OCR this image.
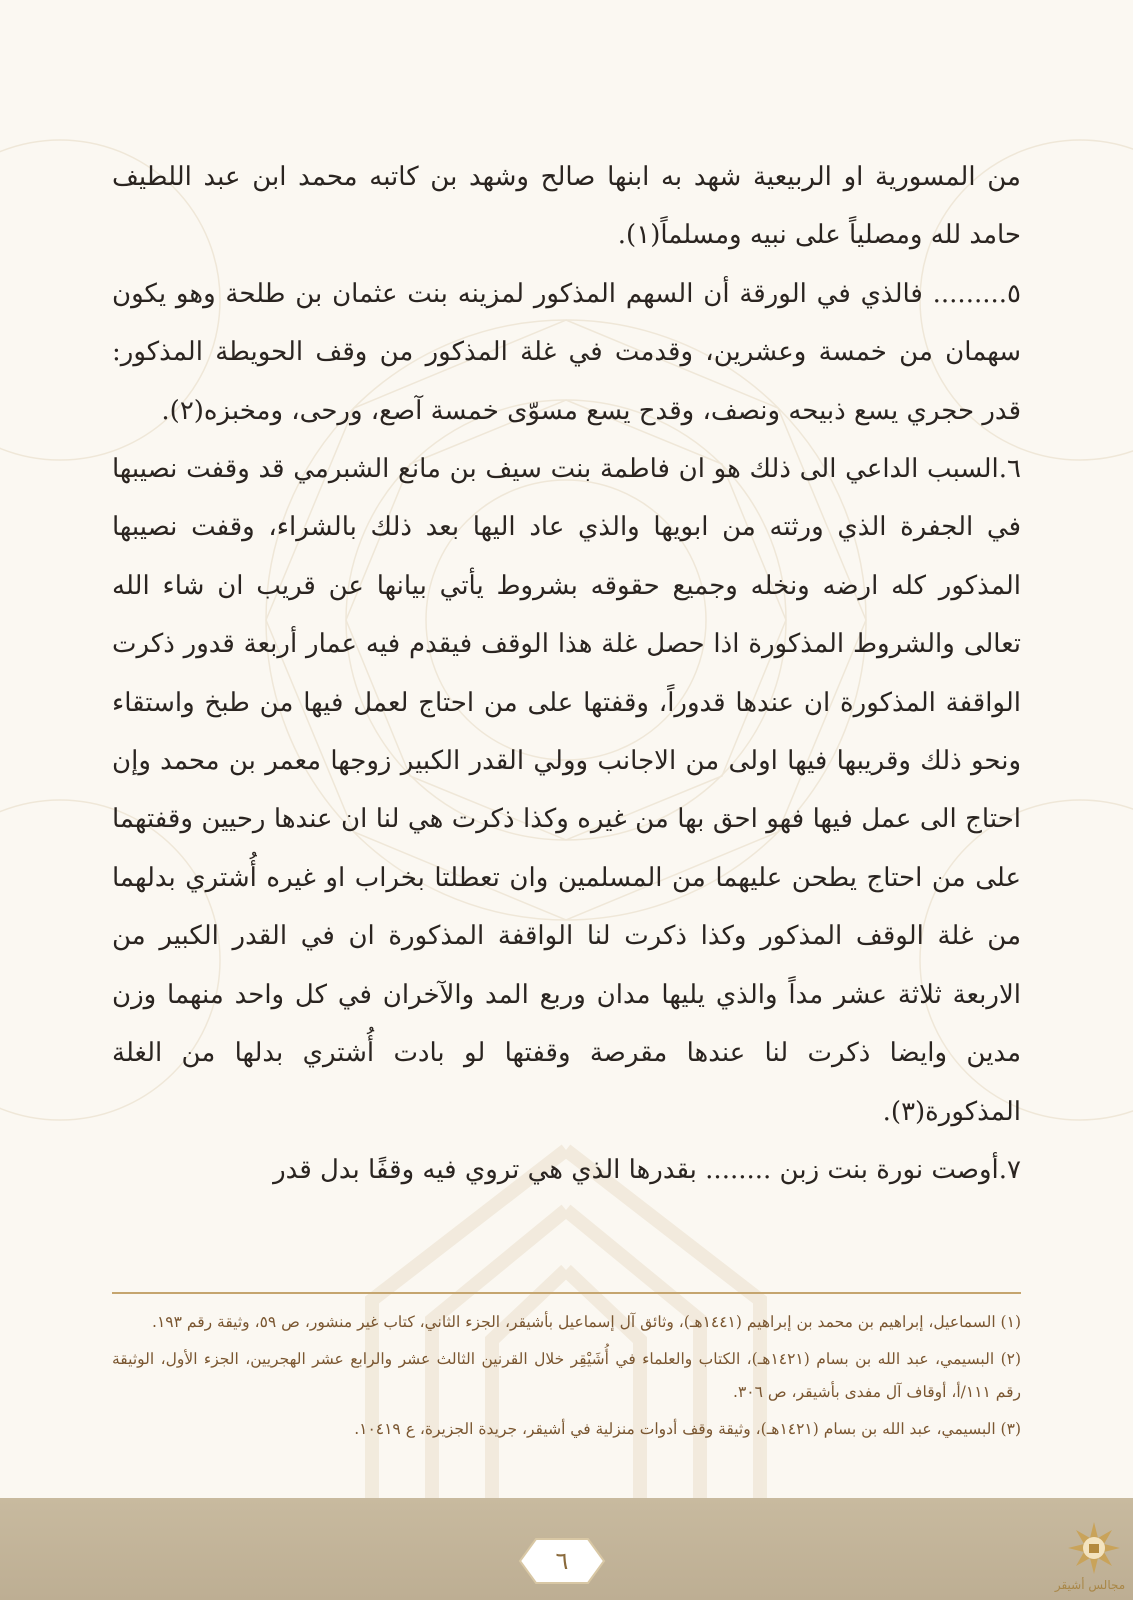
من المسورية او الربيعية شهد به ابنها صالح وشهد بن كاتبه محمد ابن عبد اللطيف حامد لله ومصلياً على نبيه ومسلماً(١).

٥......... فالذي في الورقة أن السهم المذكور لمزينه بنت عثمان بن طلحة وهو يكون سهمان من خمسة وعشرين، وقدمت في غلة المذكور من وقف الحويطة المذكور: قدر حجري يسع ذبيحه ونصف، وقدح يسع مسوّى خمسة آصع، ورحى، ومخبزه(٢).

٦.السبب الداعي الى ذلك هو ان فاطمة بنت سيف بن مانع الشبرمي قد وقفت نصيبها في الجفرة الذي ورثته من ابويها والذي عاد اليها بعد ذلك بالشراء، وقفت نصيبها المذكور كله ارضه ونخله وجميع حقوقه بشروط يأتي بيانها عن قريب ان شاء الله تعالى والشروط المذكورة اذا حصل غلة هذا الوقف فيقدم فيه عمار أربعة قدور ذكرت الواقفة المذكورة ان عندها قدوراً، وقفتها على من احتاج لعمل فيها من طبخ واستقاء ونحو ذلك وقريبها فيها اولى من الاجانب وولي القدر الكبير زوجها معمر بن محمد وإن احتاج الى عمل فيها فهو احق بها من غيره وكذا ذكرت هي لنا ان عندها رحيين وقفتهما على من احتاج يطحن عليهما من المسلمين وان تعطلتا بخراب او غيره أُشتري بدلهما من غلة الوقف المذكور وكذا ذكرت لنا الواقفة المذكورة ان في القدر الكبير من الاربعة ثلاثة عشر مداً والذي يليها مدان وربع المد والآخران في كل واحد منهما وزن مدين وايضا ذكرت لنا عندها مقرصة وقفتها لو بادت أُشتري بدلها من الغلة المذكورة(٣).

٧.أوصت نورة بنت زبن ........ بقدرها الذي هي تروي فيه وقفًا بدل قدر

(١) السماعيل، إبراهيم بن محمد بن إبراهيم (١٤٤١هـ)، وثائق آل إسماعيل بأشيقر، الجزء الثاني، كتاب غير منشور، ص ٥٩، وثيقة رقم ١٩٣.

(٢) البسيمي، عبد الله بن بسام (١٤٢١هـ)، الكتاب والعلماء في أُشَيْقِر خلال القرنين الثالث عشر والرابع عشر الهجريين، الجزء الأول، الوثيقة رقم ١١١/أ، أوقاف آل مفدى بأشيقر، ص ٣٠٦.

(٣) البسيمي، عبد الله بن بسام (١٤٢١هـ)، وثيقة وقف أدوات منزلية في أشيقر، جريدة الجزيرة، ع ١٠٤١٩.

٦
مجالس أشيقر
